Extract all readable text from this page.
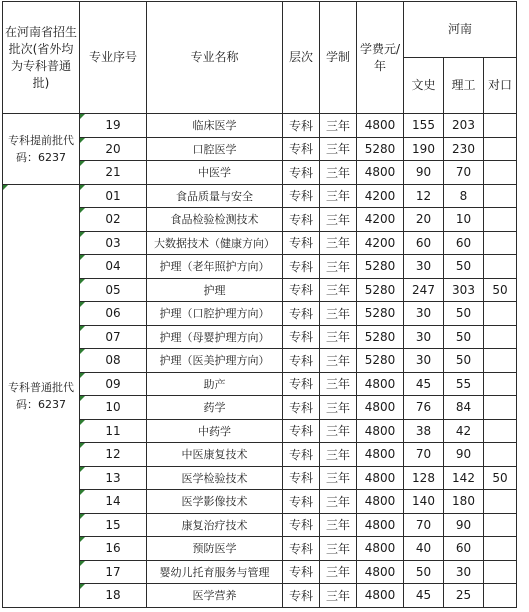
在河南省招生批次(省外均为专科普通批)	专业序号	专业名称	层次	学制	学费元/年	河南		
						文史	理工	对口
专科提前批代码：6237	19	临床医学	专科	三年	4800	155	203	
	20	口腔医学	专科	三年	5280	190	230	
	21	中医学	专科	三年	4800	90	70	
专科普通批代码：6237	01	食品质量与安全	专科	三年	4200	12	8	
	02	食品检验检测技术	专科	三年	4200	20	10	
	03	大数据技术（健康方向）	专科	三年	4200	60	60	
	04	护理（老年照护方向）	专科	三年	5280	30	50	
	05	护理	专科	三年	5280	247	303	50
	06	护理（口腔护理方向）	专科	三年	5280	30	50	
	07	护理（母婴护理方向）	专科	三年	5280	30	50	
	08	护理（医美护理方向）	专科	三年	5280	30	50	
	09	助产	专科	三年	4800	45	55	
	10	药学	专科	三年	4800	76	84	
	11	中药学	专科	三年	4800	38	42	
	12	中医康复技术	专科	三年	4800	70	90	
	13	医学检验技术	专科	三年	4800	128	142	50
	14	医学影像技术	专科	三年	4800	140	180	
	15	康复治疗技术	专科	三年	4800	70	90	
	16	预防医学	专科	三年	4800	40	60	
	17	婴幼儿托育服务与管理	专科	三年	4800	50	30	
	18	医学营养	专科	三年	4800	45	25	
